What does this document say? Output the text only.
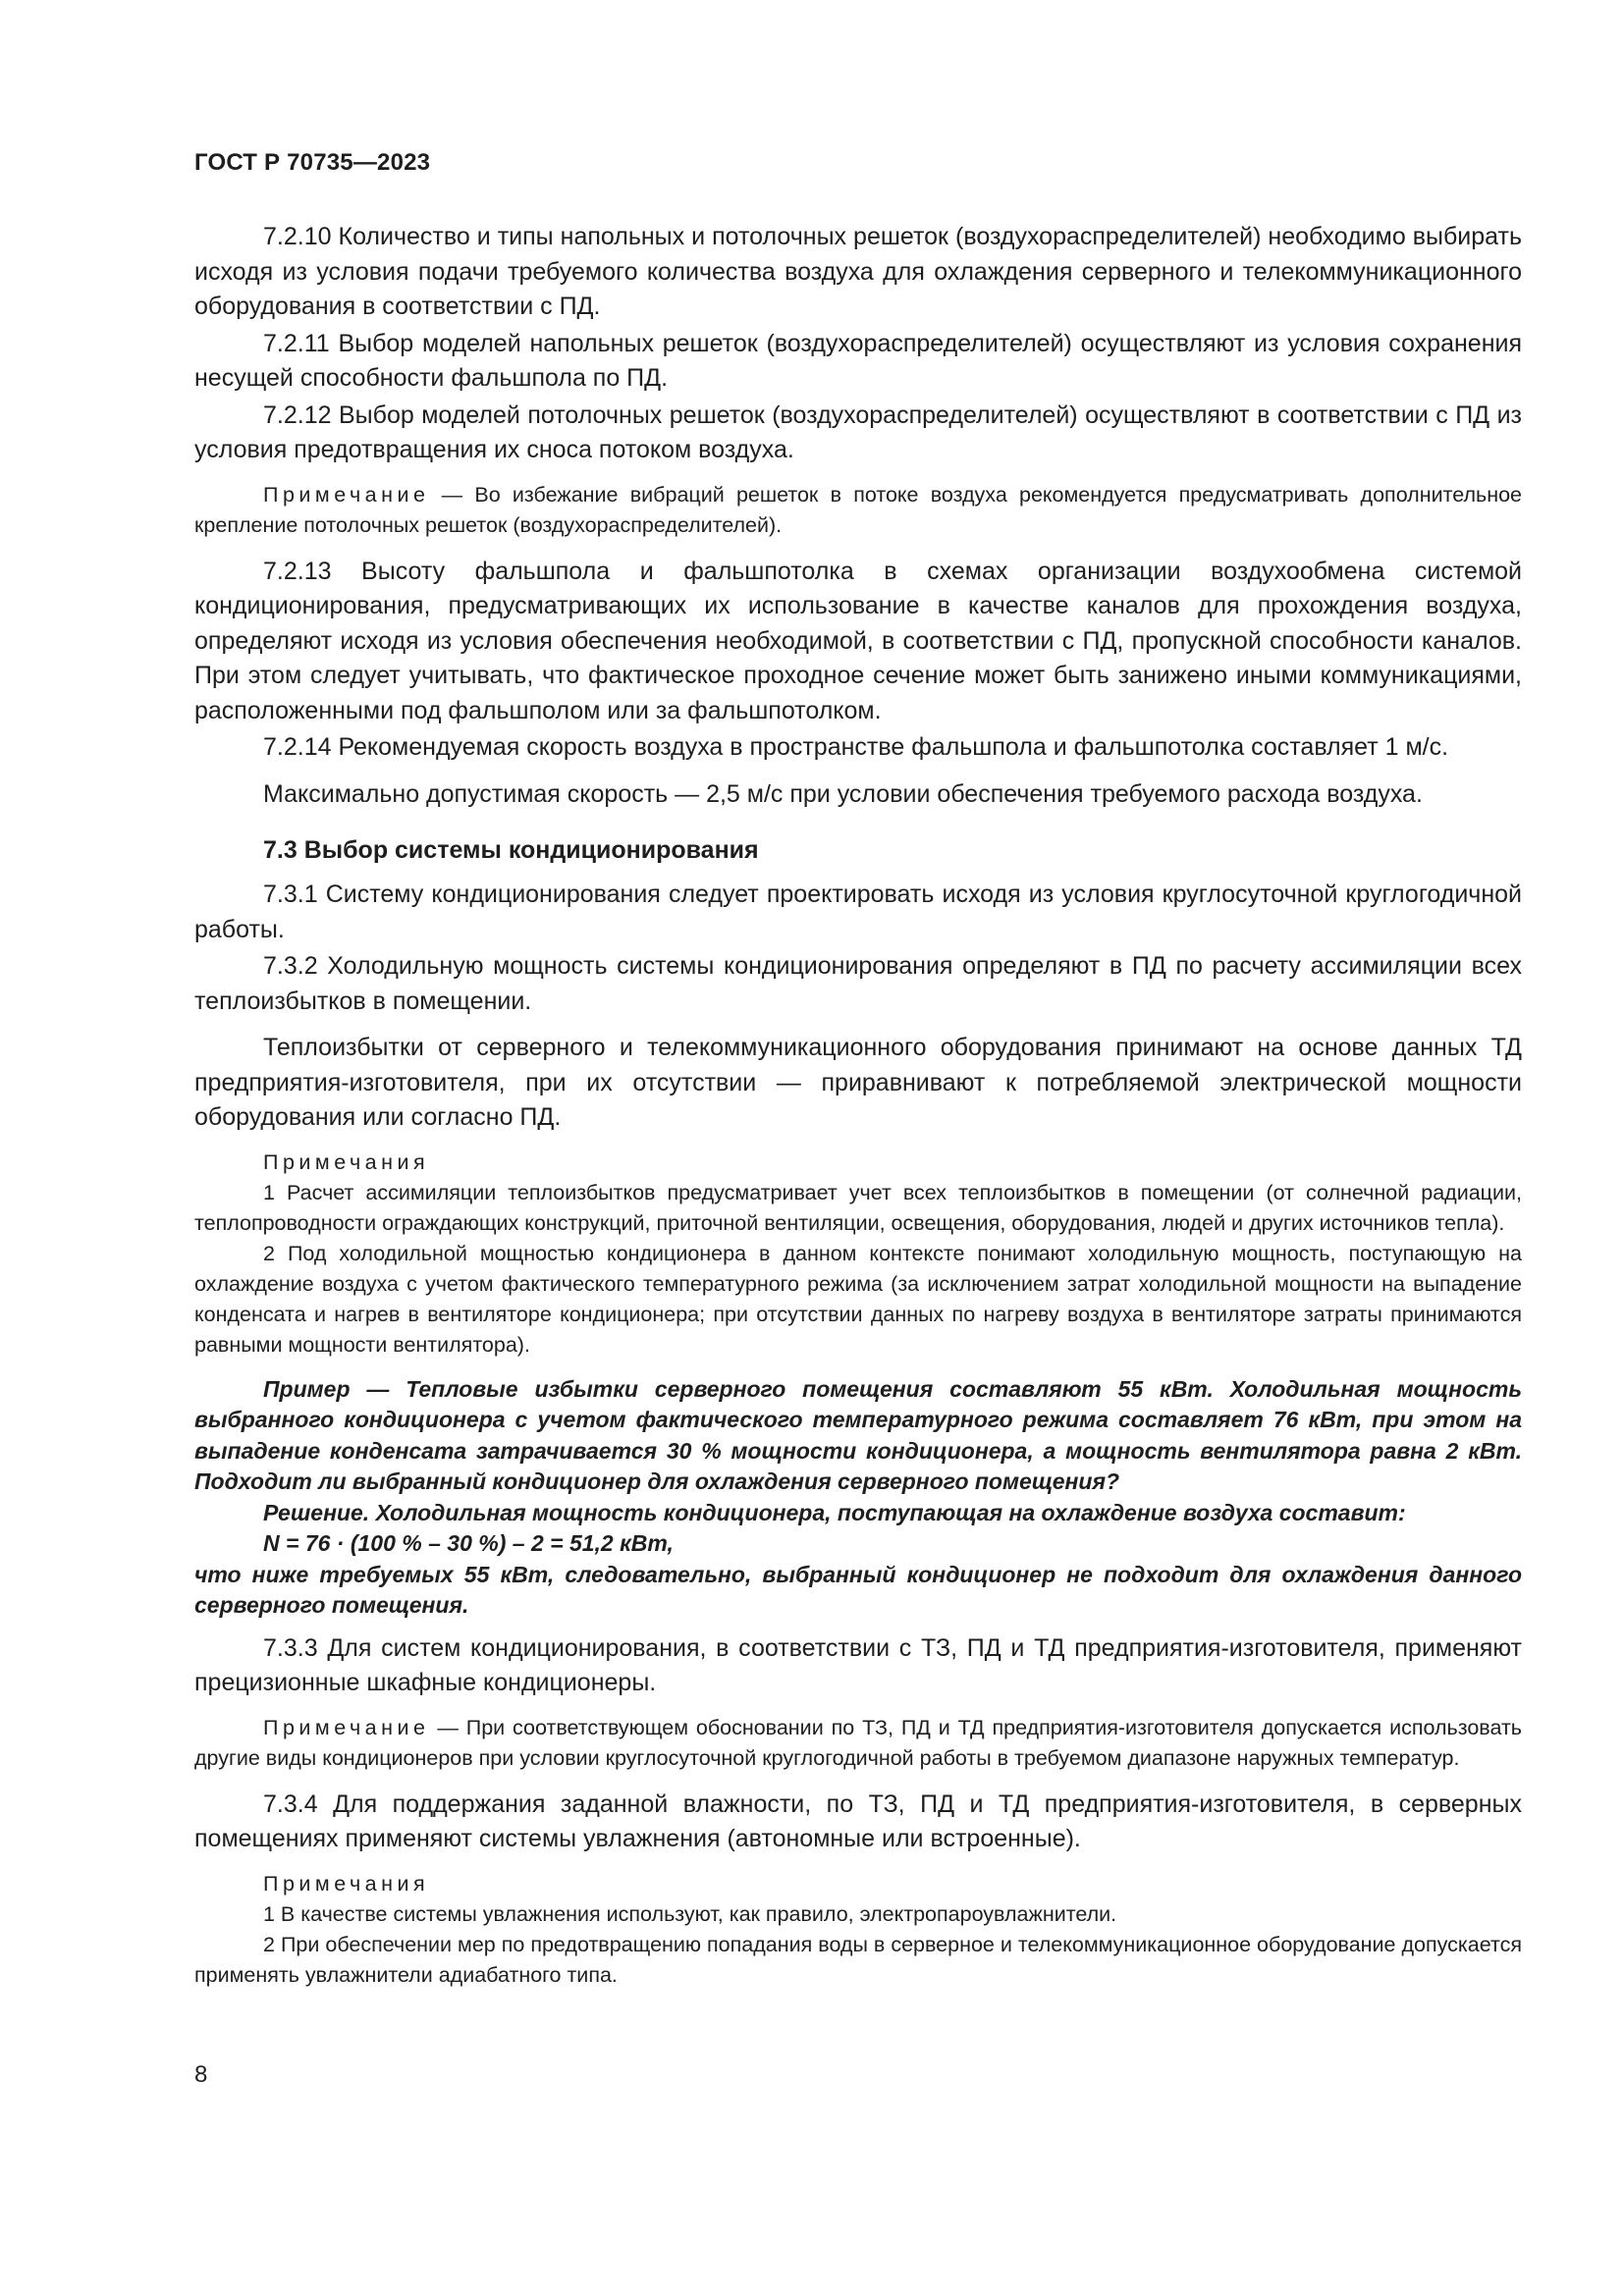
ГОСТ Р 70735—2023

7.2.10 Количество и типы напольных и потолочных решеток (воздухораспределителей) необходимо выбирать исходя из условия подачи требуемого количества воздуха для охлаждения серверного и телекоммуникационного оборудования в соответствии с ПД.

7.2.11 Выбор моделей напольных решеток (воздухораспределителей) осуществляют из условия сохранения несущей способности фальшпола по ПД.

7.2.12 Выбор моделей потолочных решеток (воздухораспределителей) осуществляют в соответствии с ПД из условия предотвращения их сноса потоком воздуха.

Примечание — Во избежание вибраций решеток в потоке воздуха рекомендуется предусматривать дополнительное крепление потолочных решеток (воздухораспределителей).

7.2.13 Высоту фальшпола и фальшпотолка в схемах организации воздухообмена системой кондиционирования, предусматривающих их использование в качестве каналов для прохождения воздуха, определяют исходя из условия обеспечения необходимой, в соответствии с ПД, пропускной способности каналов. При этом следует учитывать, что фактическое проходное сечение может быть занижено иными коммуникациями, расположенными под фальшполом или за фальшпотолком.

7.2.14 Рекомендуемая скорость воздуха в пространстве фальшпола и фальшпотолка составляет 1 м/с.

Максимально допустимая скорость — 2,5 м/с при условии обеспечения требуемого расхода воздуха.

7.3 Выбор системы кондиционирования

7.3.1 Систему кондиционирования следует проектировать исходя из условия круглосуточной круглогодичной работы.

7.3.2 Холодильную мощность системы кондиционирования определяют в ПД по расчету ассимиляции всех теплоизбытков в помещении.

Теплоизбытки от серверного и телекоммуникационного оборудования принимают на основе данных ТД предприятия-изготовителя, при их отсутствии — приравнивают к потребляемой электрической мощности оборудования или согласно ПД.

Примечания

1 Расчет ассимиляции теплоизбытков предусматривает учет всех теплоизбытков в помещении (от солнечной радиации, теплопроводности ограждающих конструкций, приточной вентиляции, освещения, оборудования, людей и других источников тепла).

2 Под холодильной мощностью кондиционера в данном контексте понимают холодильную мощность, поступающую на охлаждение воздуха с учетом фактического температурного режима (за исключением затрат холодильной мощности на выпадение конденсата и нагрев в вентиляторе кондиционера; при отсутствии данных по нагреву воздуха в вентиляторе затраты принимаются равными мощности вентилятора).

Пример — Тепловые избытки серверного помещения составляют 55 кВт. Холодильная мощность выбранного кондиционера с учетом фактического температурного режима составляет 76 кВт, при этом на выпадение конденсата затрачивается 30 % мощности кондиционера, а мощность вентилятора равна 2 кВт. Подходит ли выбранный кондиционер для охлаждения серверного помещения?

Решение. Холодильная мощность кондиционера, поступающая на охлаждение воздуха составит:

N = 76 · (100 % – 30 %) – 2 = 51,2 кВт,

что ниже требуемых 55 кВт, следовательно, выбранный кондиционер не подходит для охлаждения данного серверного помещения.

7.3.3 Для систем кондиционирования, в соответствии с ТЗ, ПД и ТД предприятия-изготовителя, применяют прецизионные шкафные кондиционеры.

Примечание — При соответствующем обосновании по ТЗ, ПД и ТД предприятия-изготовителя допускается использовать другие виды кондиционеров при условии круглосуточной круглогодичной работы в требуемом диапазоне наружных температур.

7.3.4 Для поддержания заданной влажности, по ТЗ, ПД и ТД предприятия-изготовителя, в серверных помещениях применяют системы увлажнения (автономные или встроенные).

Примечания

1 В качестве системы увлажнения используют, как правило, электропароувлажнители.

2 При обеспечении мер по предотвращению попадания воды в серверное и телекоммуникационное оборудование допускается применять увлажнители адиабатного типа.

8
